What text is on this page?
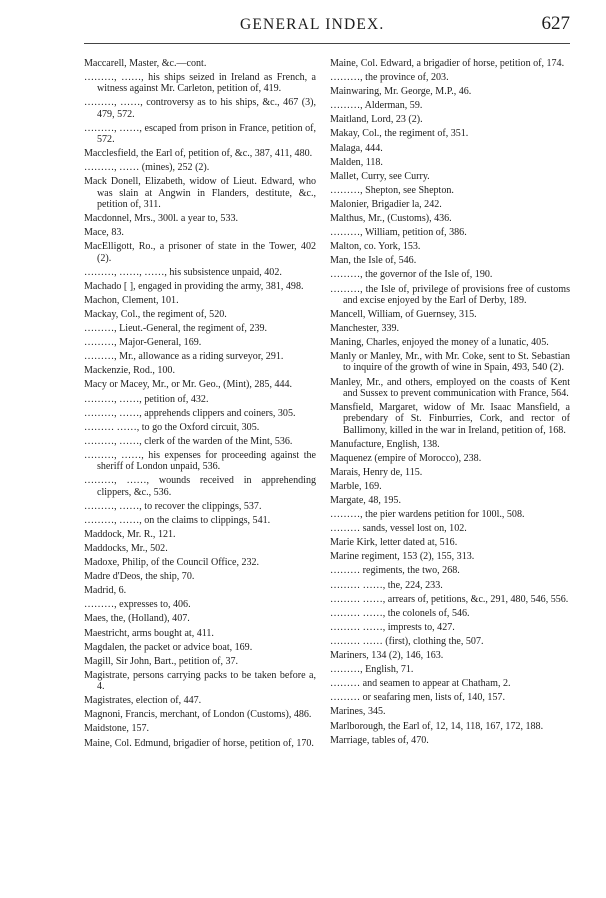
GENERAL INDEX.	627

Maccarell, Master, &c.—cont.

………, ……, his ships seized in Ireland as French, a witness against Mr. Carleton, petition of, 419.

………, ……, controversy as to his ships, &c., 467 (3), 479, 572.

………, ……, escaped from prison in France, petition of, 572.

Macclesfield, the Earl of, petition of, &c., 387, 411, 480.

………, …… (mines), 252 (2).

Mack Donell, Elizabeth, widow of Lieut. Edward, who was slain at Angwin in Flanders, destitute, &c., petition of, 311.

Macdonnel, Mrs., 300l. a year to, 533.

Mace, 83.

MacElligott, Ro., a prisoner of state in the Tower, 402 (2).

………, ……, ……, his subsistence unpaid, 402.

Machado [ ], engaged in providing the army, 381, 498.

Machon, Clement, 101.

Mackay, Col., the regiment of, 520.

………, Lieut.-General, the regiment of, 239.

………, Major-General, 169.

………, Mr., allowance as a riding surveyor, 291.

Mackenzie, Rod., 100.

Macy or Macey, Mr., or Mr. Geo., (Mint), 285, 444.

………, ……, petition of, 432.

………, ……, apprehends clippers and coiners, 305.

……… ……, to go the Oxford circuit, 305.

………, ……, clerk of the warden of the Mint, 536.

………, ……, his expenses for proceeding against the sheriff of London unpaid, 536.

………, ……, wounds received in apprehending clippers, &c., 536.

………, ……, to recover the clippings, 537.

………, ……, on the claims to clippings, 541.

Maddock, Mr. R., 121.

Maddocks, Mr., 502.

Madoxe, Philip, of the Council Office, 232.

Madre d'Deos, the ship, 70.

Madrid, 6.

………, expresses to, 406.

Maes, the, (Holland), 407.

Maestricht, arms bought at, 411.

Magdalen, the packet or advice boat, 169.

Magill, Sir John, Bart., petition of, 37.

Magistrate, persons carrying packs to be taken before a, 4.

Magistrates, election of, 447.

Magnoni, Francis, merchant, of London (Customs), 486.

Maidstone, 157.

Maine, Col. Edmund, brigadier of horse, petition of, 170.

Maine, Col. Edward, a brigadier of horse, petition of, 174.

………, the province of, 203.

Mainwaring, Mr. George, M.P., 46.

………, Alderman, 59.

Maitland, Lord, 23 (2).

Makay, Col., the regiment of, 351.

Malaga, 444.

Malden, 118.

Mallet, Curry, see Curry.

………, Shepton, see Shepton.

Malonier, Brigadier la, 242.

Malthus, Mr., (Customs), 436.

………, William, petition of, 386.

Malton, co. York, 153.

Man, the Isle of, 546.

………, the governor of the Isle of, 190.

………, the Isle of, privilege of provisions free of customs and excise enjoyed by the Earl of Derby, 189.

Mancell, William, of Guernsey, 315.

Manchester, 339.

Maning, Charles, enjoyed the money of a lunatic, 405.

Manly or Manley, Mr., with Mr. Coke, sent to St. Sebastian to inquire of the growth of wine in Spain, 493, 540 (2).

Manley, Mr., and others, employed on the coasts of Kent and Sussex to prevent communication with France, 564.

Mansfield, Margaret, widow of Mr. Isaac Mansfield, a prebendary of St. Finburries, Cork, and rector of Ballimony, killed in the war in Ireland, petition of, 168.

Manufacture, English, 138.

Maquenez (empire of Morocco), 238.

Marais, Henry de, 115.

Marble, 169.

Margate, 48, 195.

………, the pier wardens petition for 100l., 508.

……… sands, vessel lost on, 102.

Marie Kirk, letter dated at, 516.

Marine regiment, 153 (2), 155, 313.

……… regiments, the two, 268.

……… ……, the, 224, 233.

……… ……, arrears of, petitions, &c., 291, 480, 546, 556.

……… ……, the colonels of, 546.

……… ……, imprests to, 427.

……… …… (first), clothing the, 507.

Mariners, 134 (2), 146, 163.

………, English, 71.

……… and seamen to appear at Chatham, 2.

……… or seafaring men, lists of, 140, 157.

Marines, 345.

Marlborough, the Earl of, 12, 14, 118, 167, 172, 188.

Marriage, tables of, 470.
